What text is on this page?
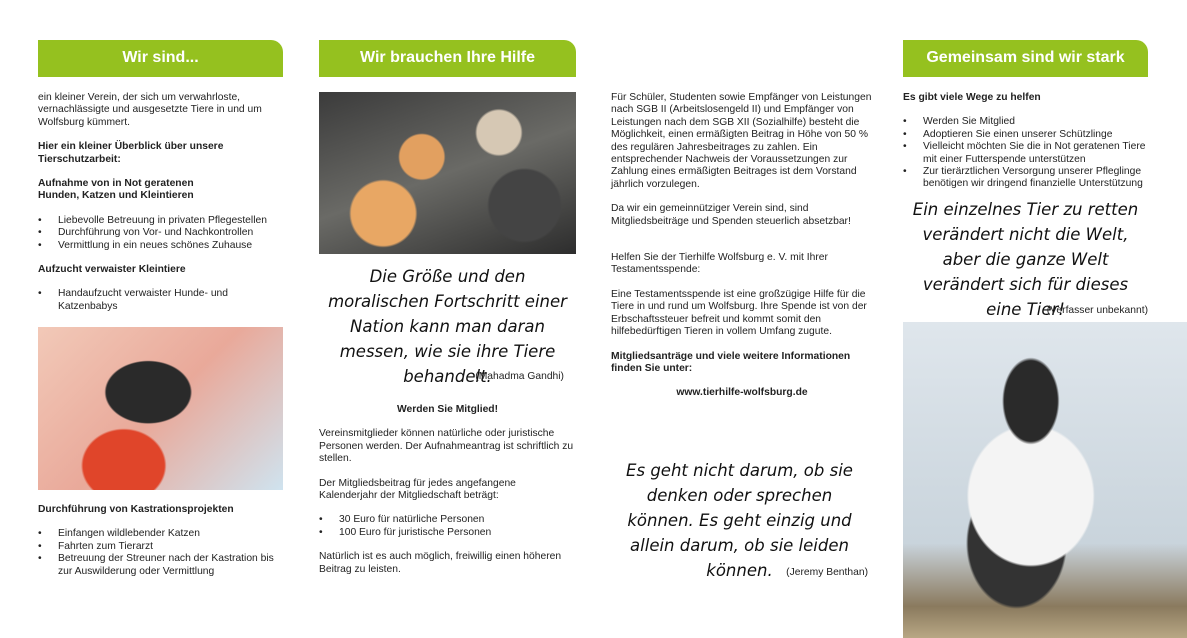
Wir sind...

ein kleiner Verein, der sich um verwahrloste, vernachlässigte und ausgesetzte Tiere in und um Wolfsburg kümmert.

Hier ein kleiner Überblick über unsere Tierschutzarbeit:

Aufnahme von in Not geratenen Hunden, Katzen und Kleintieren

• Liebevolle Betreuung in privaten Pflegestellen
• Durchführung von Vor- und Nachkontrollen
• Vermittlung in ein neues schönes Zuhause

Aufzucht verwaister Kleintiere

• Handaufzucht verwaister Hunde- und Katzenbabys

Durchführung von Kastrationsprojekten

• Einfangen wildlebender Katzen
• Fahrten zum Tierarzt
• Betreuung der Streuner nach der Kastration bis zur Auswilderung oder Vermittlung
Wir brauchen Ihre Hilfe
Die Größe und den moralischen Fortschritt einer Nation kann man daran messen, wie sie ihre Tiere behandelt.
(Mahadma Gandhi)

Werden Sie Mitglied!

Vereinsmitglieder können natürliche oder juristische Personen werden. Der Aufnahmeantrag ist schriftlich zu stellen.

Der Mitgliedsbeitrag für jedes angefangene Kalenderjahr der Mitgliedschaft beträgt:

• 30 Euro für natürliche Personen
• 100 Euro für juristische Personen

Natürlich ist es auch möglich, freiwillig einen höheren Beitrag zu leisten.

Für Schüler, Studenten sowie Empfänger von Leistungen nach SGB II (Arbeitslosengeld II) und Empfänger von Leistungen nach dem SGB XII (Sozialhilfe) besteht die Möglichkeit, einen ermäßigten Beitrag in Höhe von 50 % des regulären Jahresbeitrages zu zahlen. Ein entsprechender Nachweis der Voraussetzungen zur Zahlung eines ermäßigten Beitrages ist dem Vorstand jährlich vorzulegen.

Da wir ein gemeinnütziger Verein sind, sind Mitgliedsbeiträge und Spenden steuerlich absetzbar!

Helfen Sie der Tierhilfe Wolfsburg e. V. mit Ihrer Testamentsspende:

Eine Testamentsspende ist eine großzügige Hilfe für die Tiere in und rund um Wolfsburg. Ihre Spende ist von der Erbschaftssteuer befreit und kommt somit den hilfebedürftigen Tieren in vollem Umfang zugute.

Mitgliedsanträge und viele weitere Informationen finden Sie unter:

www.tierhilfe-wolfsburg.de

Es geht nicht darum, ob sie denken oder sprechen können. Es geht einzig und allein darum, ob sie leiden können.	(Jeremy Benthan)
Gemeinsam sind wir stark

Es gibt viele Wege zu helfen

• Werden Sie Mitglied
• Adoptieren Sie einen unserer Schützlinge
• Vielleicht möchten Sie die in Not geratenen Tiere mit einer Futterspende unterstützen
• Zur tierärztlichen Versorgung unserer Pfleglinge benötigen wir dringend finanzielle Unterstützung
Ein einzelnes Tier zu retten verändert nicht die Welt, aber die ganze Welt verändert sich für dieses eine Tier!
(Verfasser unbekannt)
